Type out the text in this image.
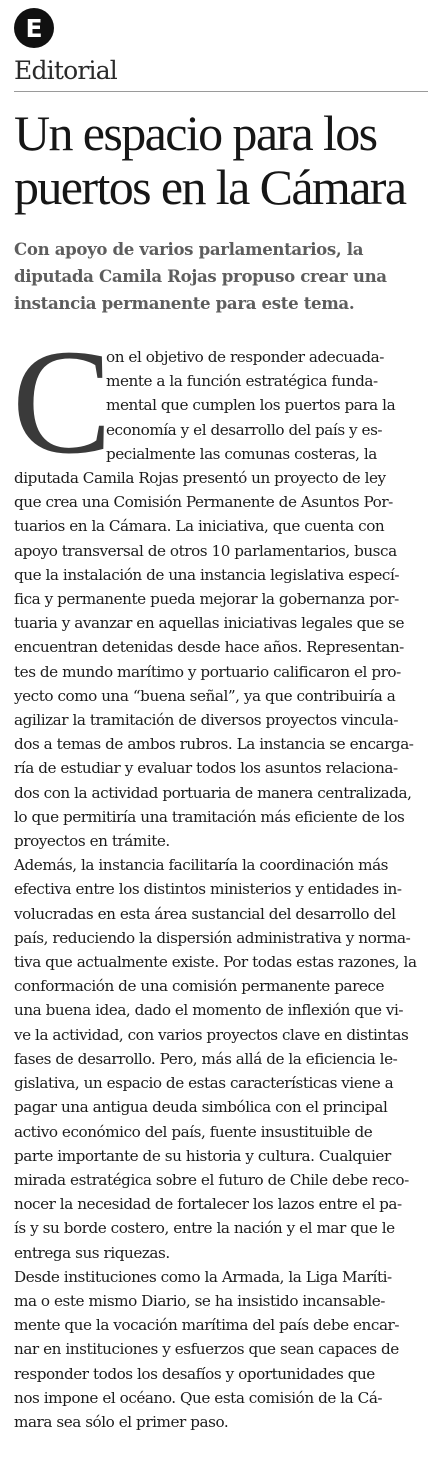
E
Editorial
Un espacio para los
puertos en la Cámara
Con apoyo de varios parlamentarios, la
diputada Camila Rojas propuso crear una
instancia permanente para este tema.
C
on el objetivo de responder adecuada-
mente a la función estratégica funda-
mental que cumplen los puertos para la
economía y el desarrollo del país y es-
pecialmente las comunas costeras, la
diputada Camila Rojas presentó un proyecto de ley
que crea una Comisión Permanente de Asuntos Por-
tuarios en la Cámara. La iniciativa, que cuenta con
apoyo transversal de otros 10 parlamentarios, busca
que la instalación de una instancia legislativa especí-
fica y permanente pueda mejorar la gobernanza por-
tuaria y avanzar en aquellas iniciativas legales que se
encuentran detenidas desde hace años. Representan-
tes de mundo marítimo y portuario calificaron el pro-
yecto como una “buena señal”, ya que contribuiría a
agilizar la tramitación de diversos proyectos vincula-
dos a temas de ambos rubros. La instancia se encarga-
ría de estudiar y evaluar todos los asuntos relaciona-
dos con la actividad portuaria de manera centralizada,
lo que permitiría una tramitación más eficiente de los
proyectos en trámite.
Además, la instancia facilitaría la coordinación más
efectiva entre los distintos ministerios y entidades in-
volucradas en esta área sustancial del desarrollo del
país, reduciendo la dispersión administrativa y norma-
tiva que actualmente existe. Por todas estas razones, la
conformación de una comisión permanente parece
una buena idea, dado el momento de inflexión que vi-
ve la actividad, con varios proyectos clave en distintas
fases de desarrollo. Pero, más allá de la eficiencia le-
gislativa, un espacio de estas características viene a
pagar una antigua deuda simbólica con el principal
activo económico del país, fuente insustituible de
parte importante de su historia y cultura. Cualquier
mirada estratégica sobre el futuro de Chile debe reco-
nocer la necesidad de fortalecer los lazos entre el pa-
ís y su borde costero, entre la nación y el mar que le
entrega sus riquezas.
Desde instituciones como la Armada, la Liga Maríti-
ma o este mismo Diario, se ha insistido incansable-
mente que la vocación marítima del país debe encar-
nar en instituciones y esfuerzos que sean capaces de
responder todos los desafíos y oportunidades que
nos impone el océano. Que esta comisión de la Cá-
mara sea sólo el primer paso.
